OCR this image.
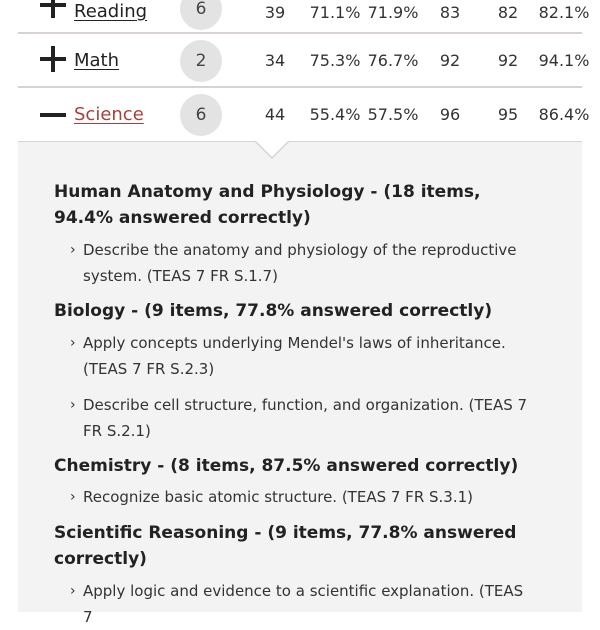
Reading	6	39	71.1% 71.9%	83	82	82.1%
Math	2	34	75.3% 76.7%	92	92	94.1%
Science	6	44	55.4% 57.5%	96	95	86.4%
Human Anatomy and Physiology - (18 items, 94.4% answered correctly)
› Describe the anatomy and physiology of the reproductive system. (TEAS 7 FR S.1.7)
Biology - (9 items, 77.8% answered correctly)
› Apply concepts underlying Mendel's laws of inheritance. (TEAS 7 FR S.2.3)
› Describe cell structure, function, and organization. (TEAS 7 FR S.2.1)
Chemistry - (8 items, 87.5% answered correctly)
› Recognize basic atomic structure. (TEAS 7 FR S.3.1)
Scientific Reasoning - (9 items, 77.8% answered correctly)
› Apply logic and evidence to a scientific explanation. (TEAS 7
